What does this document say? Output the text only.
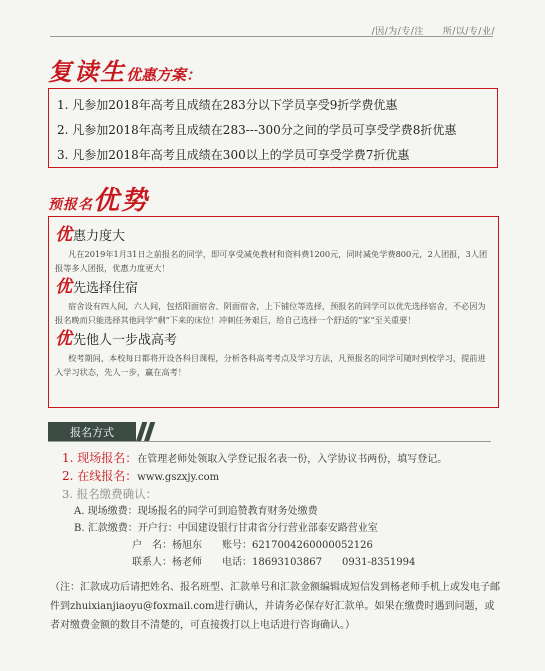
/因/为/专/注　　所/以/专/业/
复读生优惠方案：
1. 凡参加2018年高考且成绩在283分以下学员享受9折学费优惠
2. 凡参加2018年高考且成绩在283---300分之间的学员可享受学费8折优惠
3. 凡参加2018年高考且成绩在300以上的学员可享受学费7折优惠
预报名优势
优惠力度大
凡在2019年1月31日之前报名的同学，即可享受减免教材和资料费1200元，同时减免学费800元，2人团报，3人团报等多人团报，优惠力度更大！
优先选择住宿
宿舍设有四人间，六人间，包括阳面宿舍、阴面宿舍，上下铺位等选择，预报名的同学可以优先选择宿舍，不必因为报名晚而只能选择其他同学“剩”下来的床位！冲刺任务艰巨，给自己选择一个舒适的“家”至关重要！
优先他人一步战高考
校考期间，本校每日都将开设各科目课程，分析各科高考考点及学习方法，凡预报名的同学可随时到校学习，提前进入学习状态，先人一步，赢在高考！
报名方式
1. 现场报名：在管理老师处领取入学登记报名表一份，入学协议书两份，填写登记。
2. 在线报名：www.gszxjy.com
3. 报名缴费确认：
A. 现场缴费：现场报名的同学可到追赞教育财务处缴费
B. 汇款缴费：开户行：中国建设银行甘肃省分行营业部泰安路营业室
户　名：杨旭东　　账号：6217004260000052126
联系人：杨老师　　电话：18693103867　　0931-8351994
（注：汇款成功后请把姓名、报名班型、汇款单号和汇款金额编辑成短信发到杨老师手机上或发电子邮件到zhuixianjiaoyu@foxmail.com进行确认，并请务必保存好汇款单。如果在缴费时遇到问题，或者对缴费金额的数目不清楚的，可直接拨打以上电话进行咨询确认。）
